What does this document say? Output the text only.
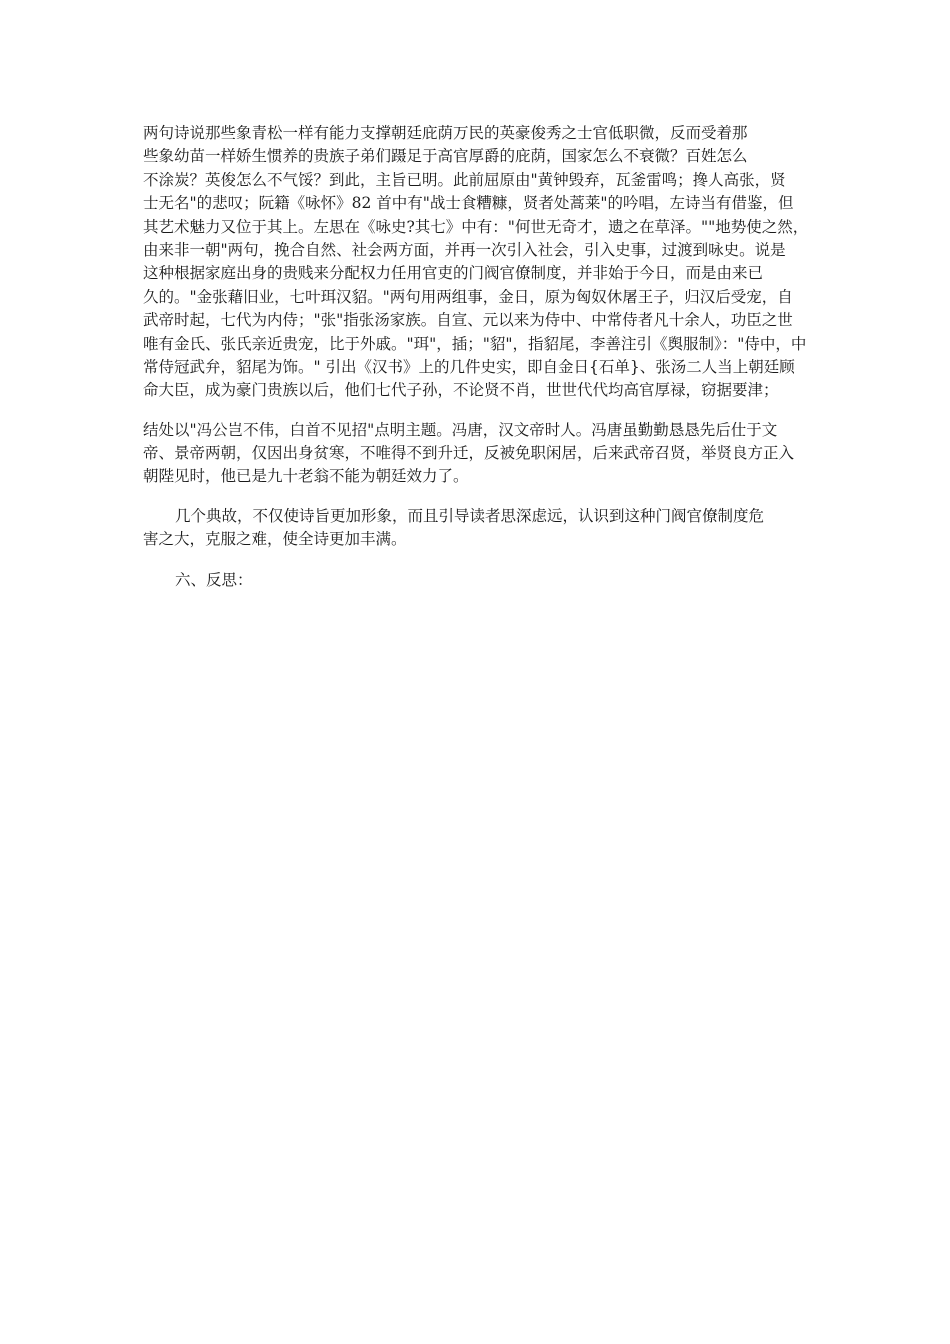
两句诗说那些象青松一样有能力支撑朝廷庇荫万民的英豪俊秀之士官低职微，反而受着那
些象幼苗一样娇生惯养的贵族子弟们蹑足于高官厚爵的庇荫，国家怎么不衰微？百姓怎么
不涂炭？英俊怎么不气馁？到此，主旨已明。此前屈原由"黄钟毁弃，瓦釜雷鸣；搀人高张，贤
士无名"的悲叹；阮籍《咏怀》82 首中有"战士食糟糠，贤者处蒿莱"的吟唱，左诗当有借鉴，但
其艺术魅力又位于其上。左思在《咏史?其七》中有："何世无奇才，遗之在草泽。""地势使之然，
由来非一朝"两句，挽合自然、社会两方面，并再一次引入社会，引入史事，过渡到咏史。说是
这种根据家庭出身的贵贱来分配权力任用官吏的门阀官僚制度，并非始于今日，而是由来已
久的。"金张藉旧业，七叶珥汉貂。"两句用两组事，金日，原为匈奴休屠王子，归汉后受宠，自
武帝时起，七代为内侍；"张"指张汤家族。自宣、元以来为侍中、中常侍者凡十余人，功臣之世
唯有金氏、张氏亲近贵宠，比于外戚。"珥"，插；"貂"，指貂尾，李善注引《舆服制》："侍中，中
常侍冠武弁，貂尾为饰。" 引出《汉书》上的几件史实，即自金日{石单}、张汤二人当上朝廷顾
命大臣，成为豪门贵族以后，他们七代子孙，不论贤不肖，世世代代均高官厚禄，窃据要津；
结处以"冯公岂不伟，白首不见招"点明主题。冯唐，汉文帝时人。冯唐虽勤勤恳恳先后仕于文
帝、景帝两朝，仅因出身贫寒，不唯得不到升迁，反被免职闲居，后来武帝召贤，举贤良方正入
朝陛见时，他已是九十老翁不能为朝廷效力了。
几个典故，不仅使诗旨更加形象，而且引导读者思深虑远，认识到这种门阀官僚制度危
害之大，克服之难，使全诗更加丰满。
六、反思：
